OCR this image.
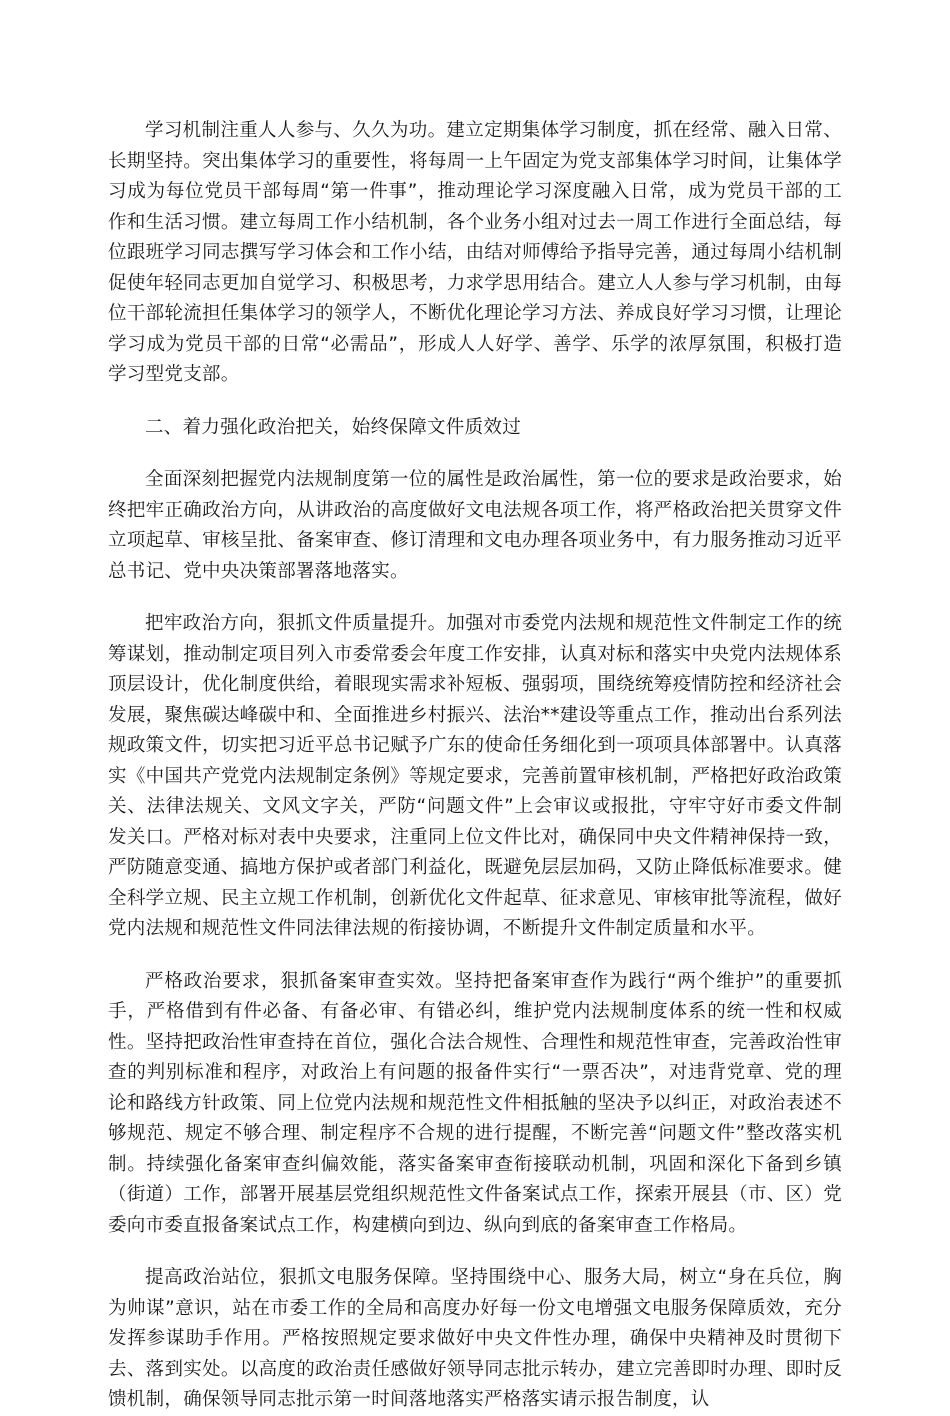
学习机制注重人人参与、久久为功。建立定期集体学习制度，抓在经常、融入日常、长期坚持。突出集体学习的重要性，将每周一上午固定为党支部集体学习时间，让集体学习成为每位党员干部每周“第一件事”，推动理论学习深度融入日常，成为党员干部的工作和生活习惯。建立每周工作小结机制，各个业务小组对过去一周工作进行全面总结，每位跟班学习同志撰写学习体会和工作小结，由结对师傅给予指导完善，通过每周小结机制促使年轻同志更加自觉学习、积极思考，力求学思用结合。建立人人参与学习机制，由每位干部轮流担任集体学习的领学人，不断优化理论学习方法、养成良好学习习惯，让理论学习成为党员干部的日常“必需品”，形成人人好学、善学、乐学的浓厚氛围，积极打造学习型党支部。

二、着力强化政治把关，始终保障文件质效过

全面深刻把握党内法规制度第一位的属性是政治属性，第一位的要求是政治要求，始终把牢正确政治方向，从讲政治的高度做好文电法规各项工作，将严格政治把关贯穿文件立项起草、审核呈批、备案审查、修订清理和文电办理各项业务中，有力服务推动习近平总书记、党中央决策部署落地落实。

把牢政治方向，狠抓文件质量提升。加强对市委党内法规和规范性文件制定工作的统筹谋划，推动制定项目列入市委常委会年度工作安排，认真对标和落实中央党内法规体系顶层设计，优化制度供给，着眼现实需求补短板、强弱项，围绕统筹疫情防控和经济社会发展，聚焦碳达峰碳中和、全面推进乡村振兴、法治**建设等重点工作，推动出台系列法规政策文件，切实把习近平总书记赋予广东的使命任务细化到一项项具体部署中。认真落实《中国共产党党内法规制定条例》等规定要求，完善前置审核机制，严格把好政治政策关、法律法规关、文风文字关，严防“问题文件”上会审议或报批，守牢守好市委文件制发关口。严格对标对表中央要求，注重同上位文件比对，确保同中央文件精神保持一致，严防随意变通、搞地方保护或者部门利益化，既避免层层加码，又防止降低标准要求。健全科学立规、民主立规工作机制，创新优化文件起草、征求意见、审核审批等流程，做好党内法规和规范性文件同法律法规的衔接协调，不断提升文件制定质量和水平。

严格政治要求，狠抓备案审查实效。坚持把备案审查作为践行“两个维护”的重要抓手，严格借到有件必备、有备必审、有错必纠，维护党内法规制度体系的统一性和权威性。坚持把政治性审查持在首位，强化合法合规性、合理性和规范性审查，完善政治性审查的判别标准和程序，对政治上有问题的报备件实行“一票否决”，对违背党章、党的理论和路线方针政策、同上位党内法规和规范性文件相抵触的坚决予以纠正，对政治表述不够规范、规定不够合理、制定程序不合规的进行提醒，不断完善“问题文件”整改落实机制。持续强化备案审查纠偏效能，落实备案审查衔接联动机制，巩固和深化下备到乡镇（街道）工作，部署开展基层党组织规范性文件备案试点工作，探索开展县（市、区）党委向市委直报备案试点工作，构建横向到边、纵向到底的备案审查工作格局。

提高政治站位，狠抓文电服务保障。坚持围绕中心、服务大局，树立“身在兵位，胸为帅谋”意识，站在市委工作的全局和高度办好每一份文电增强文电服务保障质效，充分发挥参谋助手作用。严格按照规定要求做好中央文件性办理，确保中央精神及时贯彻下去、落到实处。以高度的政治责任感做好领导同志批示转办，建立完善即时办理、即时反馈机制，确保领导同志批示第一时间落地落实严格落实请示报告制度，认
